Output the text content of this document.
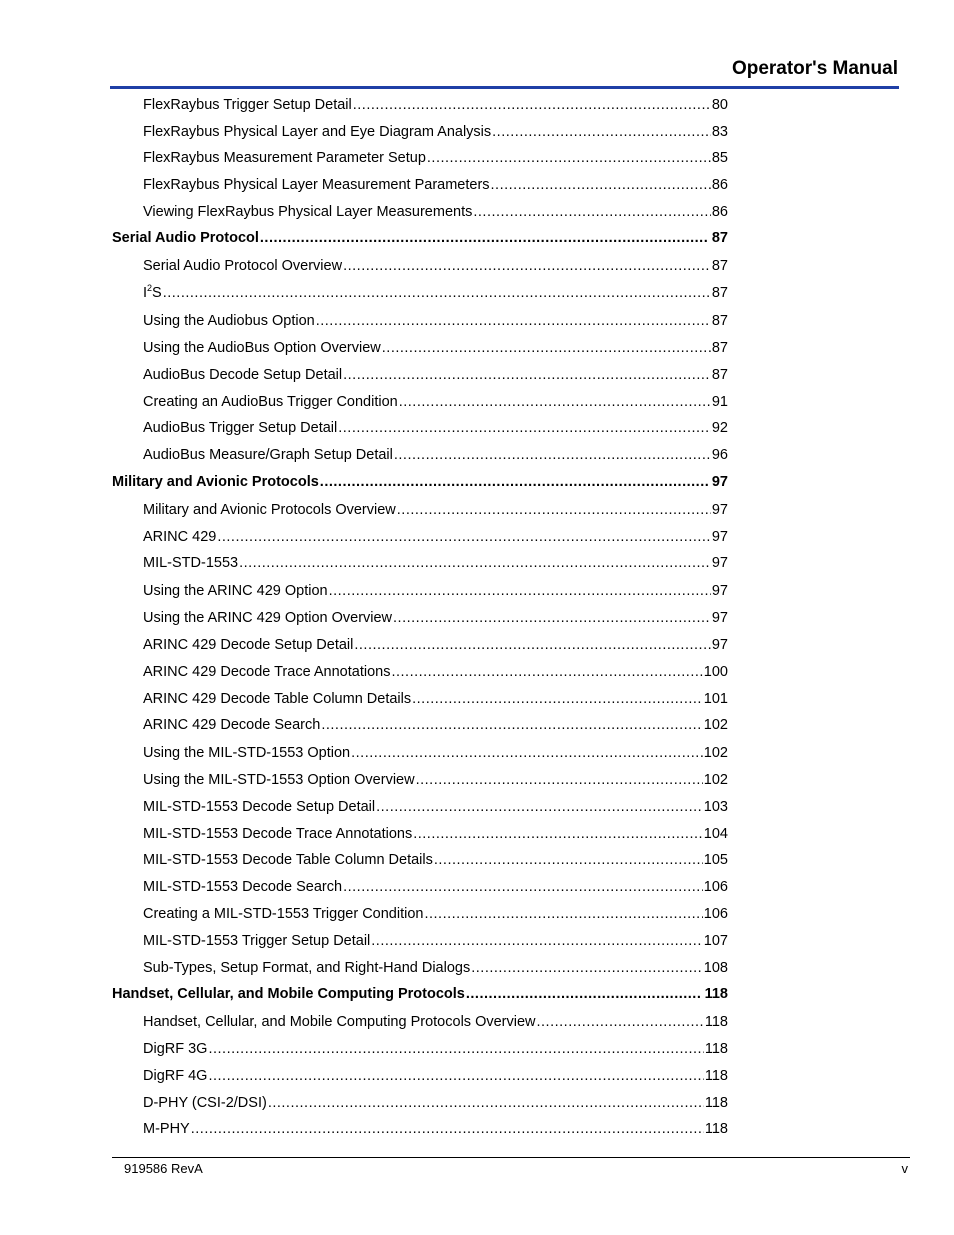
Operator's Manual
FlexRaybus Trigger Setup Detail .....	80
FlexRaybus Physical Layer and Eye Diagram Analysis .....	83
FlexRaybus Measurement Parameter Setup .....	85
FlexRaybus Physical Layer Measurement Parameters .....	86
Viewing FlexRaybus Physical Layer Measurements .....	86
Serial Audio Protocol .....	87
Serial Audio Protocol Overview .....	87
$I^2S$ .....	87
Using the Audiobus Option .....	87
Using the AudioBus Option Overview .....	87
AudioBus Decode Setup Detail .....	87
Creating an AudioBus Trigger Condition .....	91
AudioBus Trigger Setup Detail .....	92
AudioBus Measure/Graph Setup Detail .....	96
Military and Avionic Protocols .....	97
Military and Avionic Protocols Overview .....	97
ARINC 429 .....	97
MIL-STD-1553 .....	97
Using the ARINC 429 Option .....	97
Using the ARINC 429 Option Overview .....	97
ARINC 429 Decode Setup Detail .....	97
ARINC 429 Decode Trace Annotations .....	100
ARINC 429 Decode Table Column Details .....	101
ARINC 429 Decode Search .....	102
Using the MIL-STD-1553 Option .....	102
Using the MIL-STD-1553 Option Overview .....	102
MIL-STD-1553 Decode Setup Detail .....	103
MIL-STD-1553 Decode Trace Annotations .....	104
MIL-STD-1553 Decode Table Column Details .....	105
MIL-STD-1553 Decode Search .....	106
Creating a MIL-STD-1553 Trigger Condition .....	106
MIL-STD-1553 Trigger Setup Detail .....	107
Sub-Types, Setup Format, and Right-Hand Dialogs .....	108
Handset, Cellular, and Mobile Computing Protocols .....	118
Handset, Cellular, and Mobile Computing Protocols Overview .....	118
DigRF 3G .....	118
DigRF 4G .....	118
D-PHY (CSI-2/DSI) .....	118
M-PHY .....	118
919586 RevA	v
